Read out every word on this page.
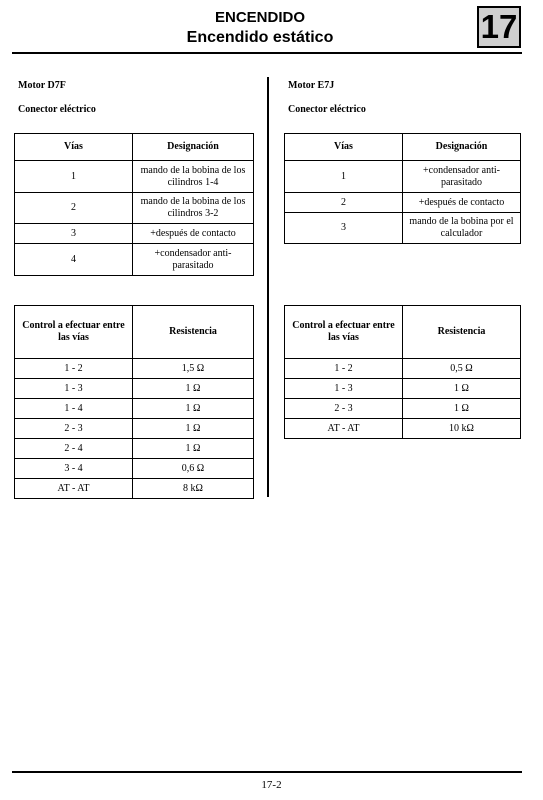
ENCENDIDO
Encendido estático	17
Motor D7F
Conector eléctrico
Vías	Designación
1	mando de la bobina de los cilindros 1-4
2	mando de la bobina de los cilindros 3-2
3	+después de contacto
4	+condensador anti-parasitado
Control a efectuar entre las vías	Resistencia
1 - 2	1,5 Ω
1 - 3	1 Ω
1 - 4	1 Ω
2 - 3	1 Ω
2 - 4	1 Ω
3 - 4	0,6 Ω
AT - AT	8 kΩ
Motor E7J
Conector eléctrico
Vías	Designación
1	+condensador anti-parasitado
2	+después de contacto
3	mando de la bobina por el calculador
Control a efectuar entre las vías	Resistencia
1 - 2	0,5 Ω
1 - 3	1 Ω
2 - 3	1 Ω
AT - AT	10 kΩ
17-2
